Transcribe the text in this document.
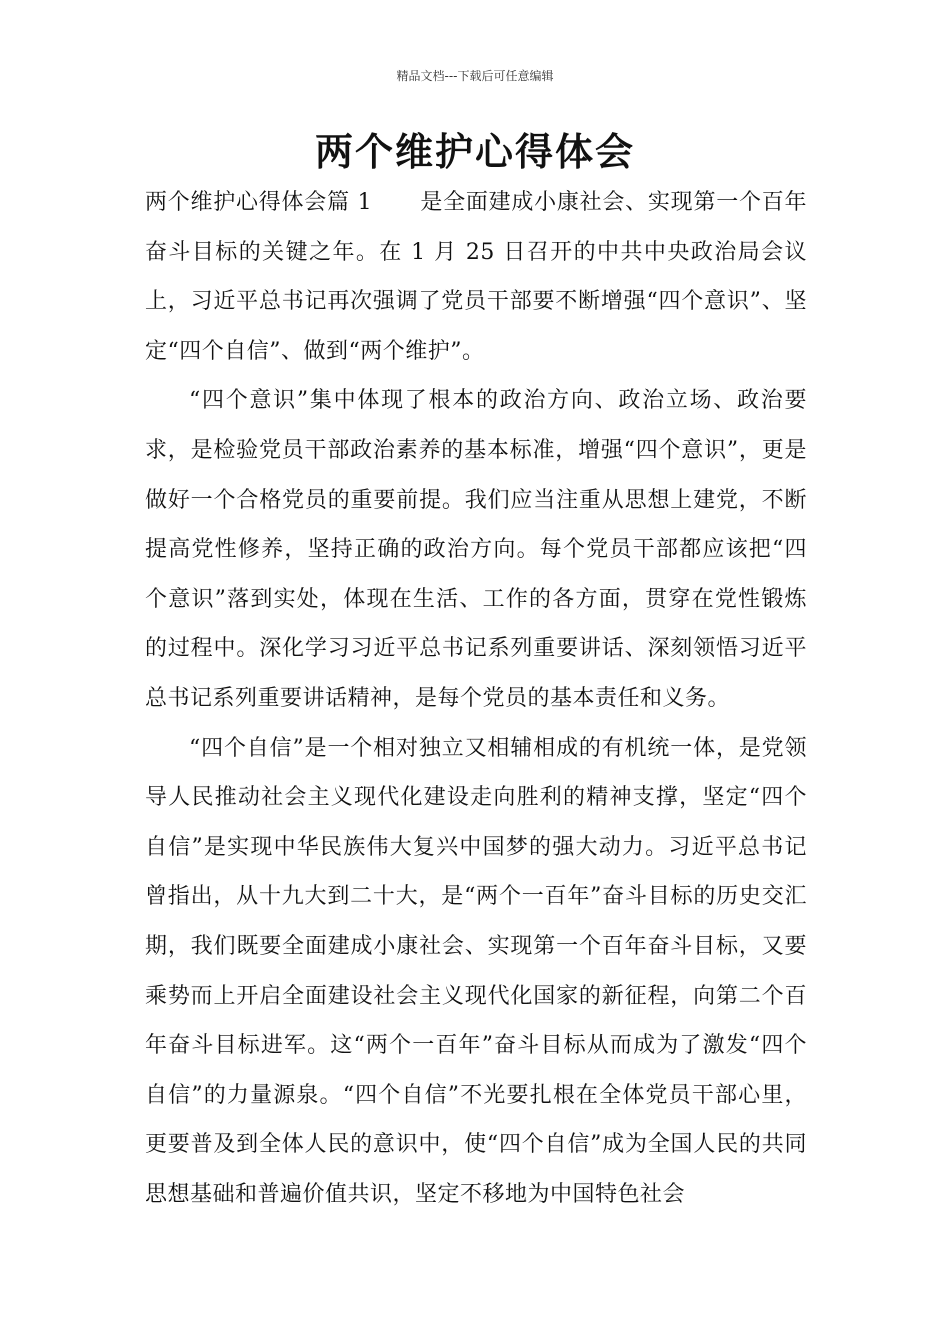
精品文档---下载后可任意编辑
两个维护心得体会

两个维护心得体会篇 1 是全面建成小康社会、实现第一个百年奋斗目标的关键之年。在 1 月 25 日召开的中共中央政治局会议上，习近平总书记再次强调了党员干部要不断增强“四个意识”、坚定“四个自信”、做到“两个维护”。

“四个意识”集中体现了根本的政治方向、政治立场、政治要求，是检验党员干部政治素养的基本标准，增强“四个意识”，更是做好一个合格党员的重要前提。我们应当注重从思想上建党，不断提高党性修养，坚持正确的政治方向。每个党员干部都应该把“四个意识”落到实处，体现在生活、工作的各方面，贯穿在党性锻炼的过程中。深化学习习近平总书记系列重要讲话、深刻领悟习近平总书记系列重要讲话精神，是每个党员的基本责任和义务。

“四个自信”是一个相对独立又相辅相成的有机统一体，是党领导人民推动社会主义现代化建设走向胜利的精神支撑，坚定“四个自信”是实现中华民族伟大复兴中国梦的强大动力。习近平总书记曾指出，从十九大到二十大，是“两个一百年”奋斗目标的历史交汇期，我们既要全面建成小康社会、实现第一个百年奋斗目标，又要乘势而上开启全面建设社会主义现代化国家的新征程，向第二个百年奋斗目标进军。这“两个一百年”奋斗目标从而成为了激发“四个自信”的力量源泉。“四个自信”不光要扎根在全体党员干部心里，更要普及到全体人民的意识中，使“四个自信”成为全国人民的共同思想基础和普遍价值共识，坚定不移地为中国特色社会
